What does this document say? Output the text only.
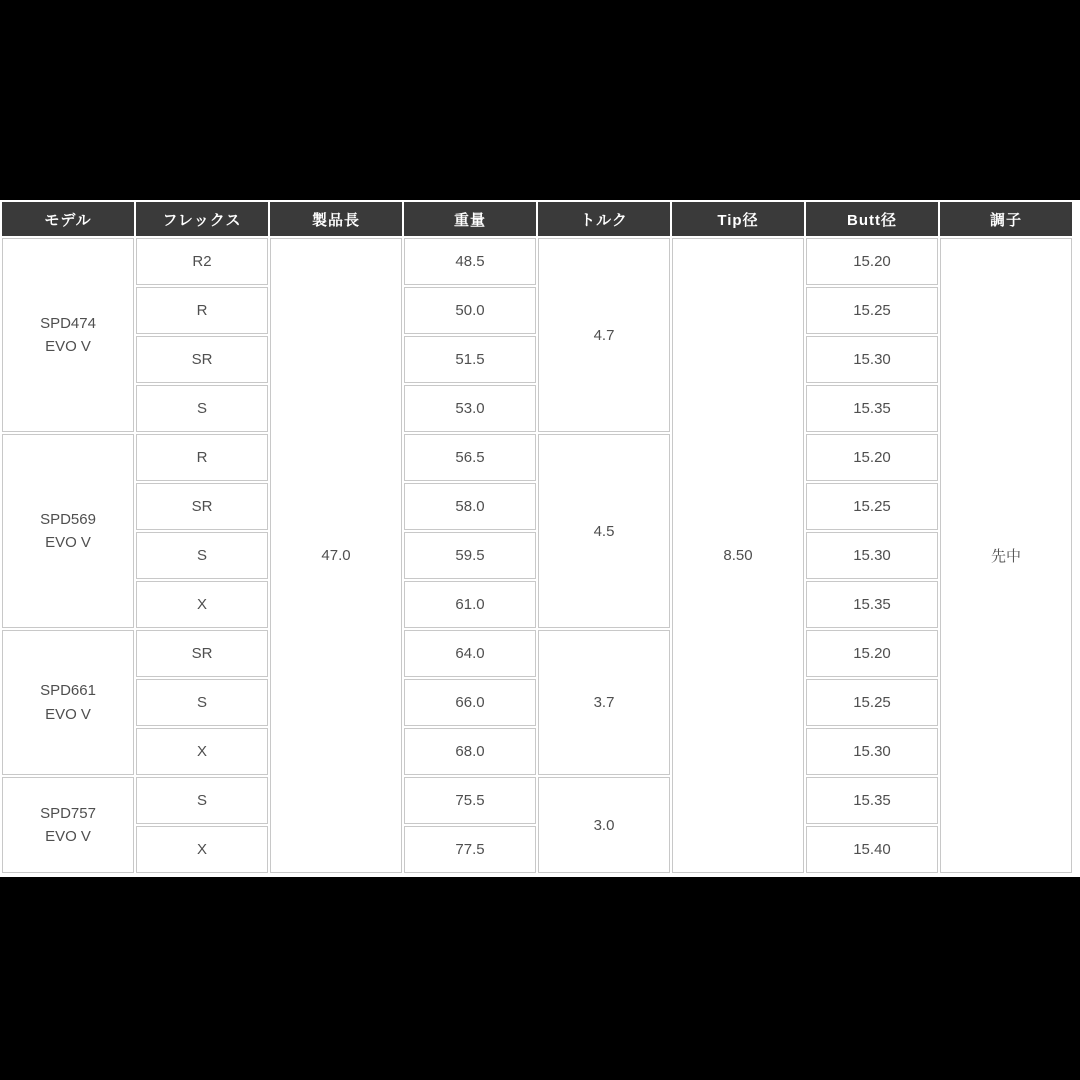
モデル	フレックス	製品長	重量	トルク	Tip径	Butt径	調子

SPD474
EVO V	R2	47.0	48.5	4.7	8.50	15.20	先中
	R		50.0			15.25	
	SR		51.5			15.30	
	S		53.0			15.35	

SPD569
EVO V	R		56.5	4.5		15.20	
	SR		58.0			15.25	
	S		59.5			15.30	
	X		61.0			15.35	

SPD661
EVO V	SR		64.0	3.7		15.20	
	S		66.0			15.25	
	X		68.0			15.30	

SPD757
EVO V	S		75.5	3.0		15.35	
	X		77.5			15.40	
